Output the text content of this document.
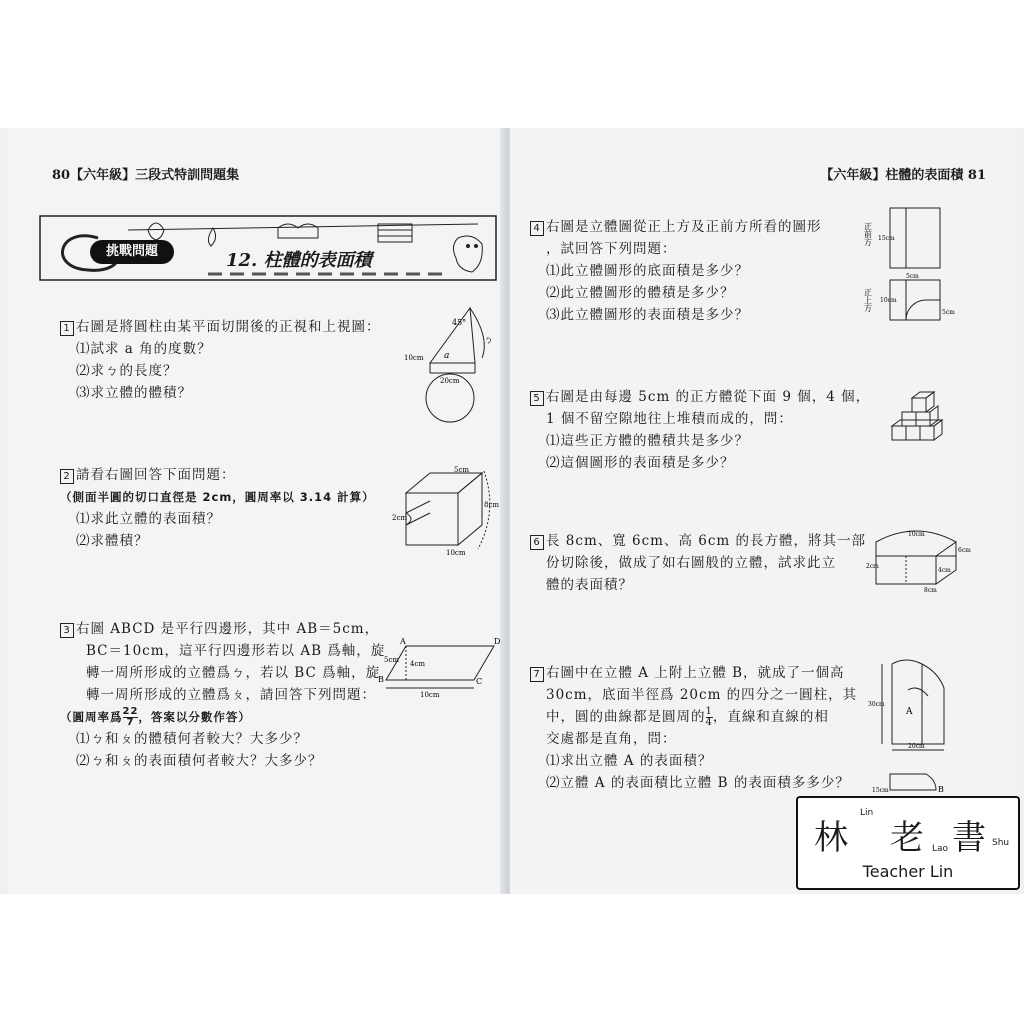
80【六年級】三段式特訓問題集	【六年級】柱體的表面積 81
挑戰問題	12. 柱體的表面積
1 右圖是將圓柱由某平面切開後的正視和上視圖：
⑴試求 a 角的度數？
⑵求ㄅ的長度？
⑶求立體的體積？
45°
a
ㄅ
10cm
20cm
2 請看右圖回答下面問題：
（側面半圓的切口直徑是 2cm，圓周率以 3.14 計算）
⑴求此立體的表面積？
⑵求體積？
5cm
2cm
8cm
10cm
3 右圖 ABCD 是平行四邊形，其中 AB＝5cm，
BC＝10cm，這平行四邊形若以 AB 爲軸，旋
轉一周所形成的立體爲ㄅ，若以 BC 爲軸，旋
轉一周所形成的立體爲ㄆ，請回答下列問題：
（圓周率爲 $\frac{22}{7}$ ，答案以分數作答）
⑴ㄅ和ㄆ的體積何者較大？大多少？
⑵ㄅ和ㄆ的表面積何者較大？大多少？
A	D
B	C
5cm 4cm
10cm
4 右圖是立體圖從正上方及正前方所看的圖形
，試回答下列問題：
⑴此立體圖形的底面積是多少？
⑵此立體圖形的體積是多少？
⑶此立體圖形的表面積是多少？
正前方
正上方
15cm
5cm
10cm
5cm
5 右圖是由每邊 5cm 的正方體從下面 9 個，4 個，
1 個不留空隙地往上堆積而成的，問：
⑴這些正方體的體積共是多少？
⑵這個圖形的表面積是多少？
6 長 8cm、寬 6cm、高 6cm 的長方體，將其一部
份切除後，做成了如右圖般的立體，試求此立
體的表面積？
10cm
6cm
4cm
8cm
2cm
7 右圖中在立體 A 上附上立體 B，就成了一個高
30cm，底面半徑爲 20cm 的四分之一圓柱，其
中，圓的曲線都是圓周的 $\frac{1}{4}$ ，直線和直線的相
交處都是直角，問：
⑴求出立體 A 的表面積？
⑵立體 A 的表面積比立體 B 的表面積多多少？
A
30cm
20cm
B
15cm
林
Lin
老 Lao 書 Shu
Teacher Lin
